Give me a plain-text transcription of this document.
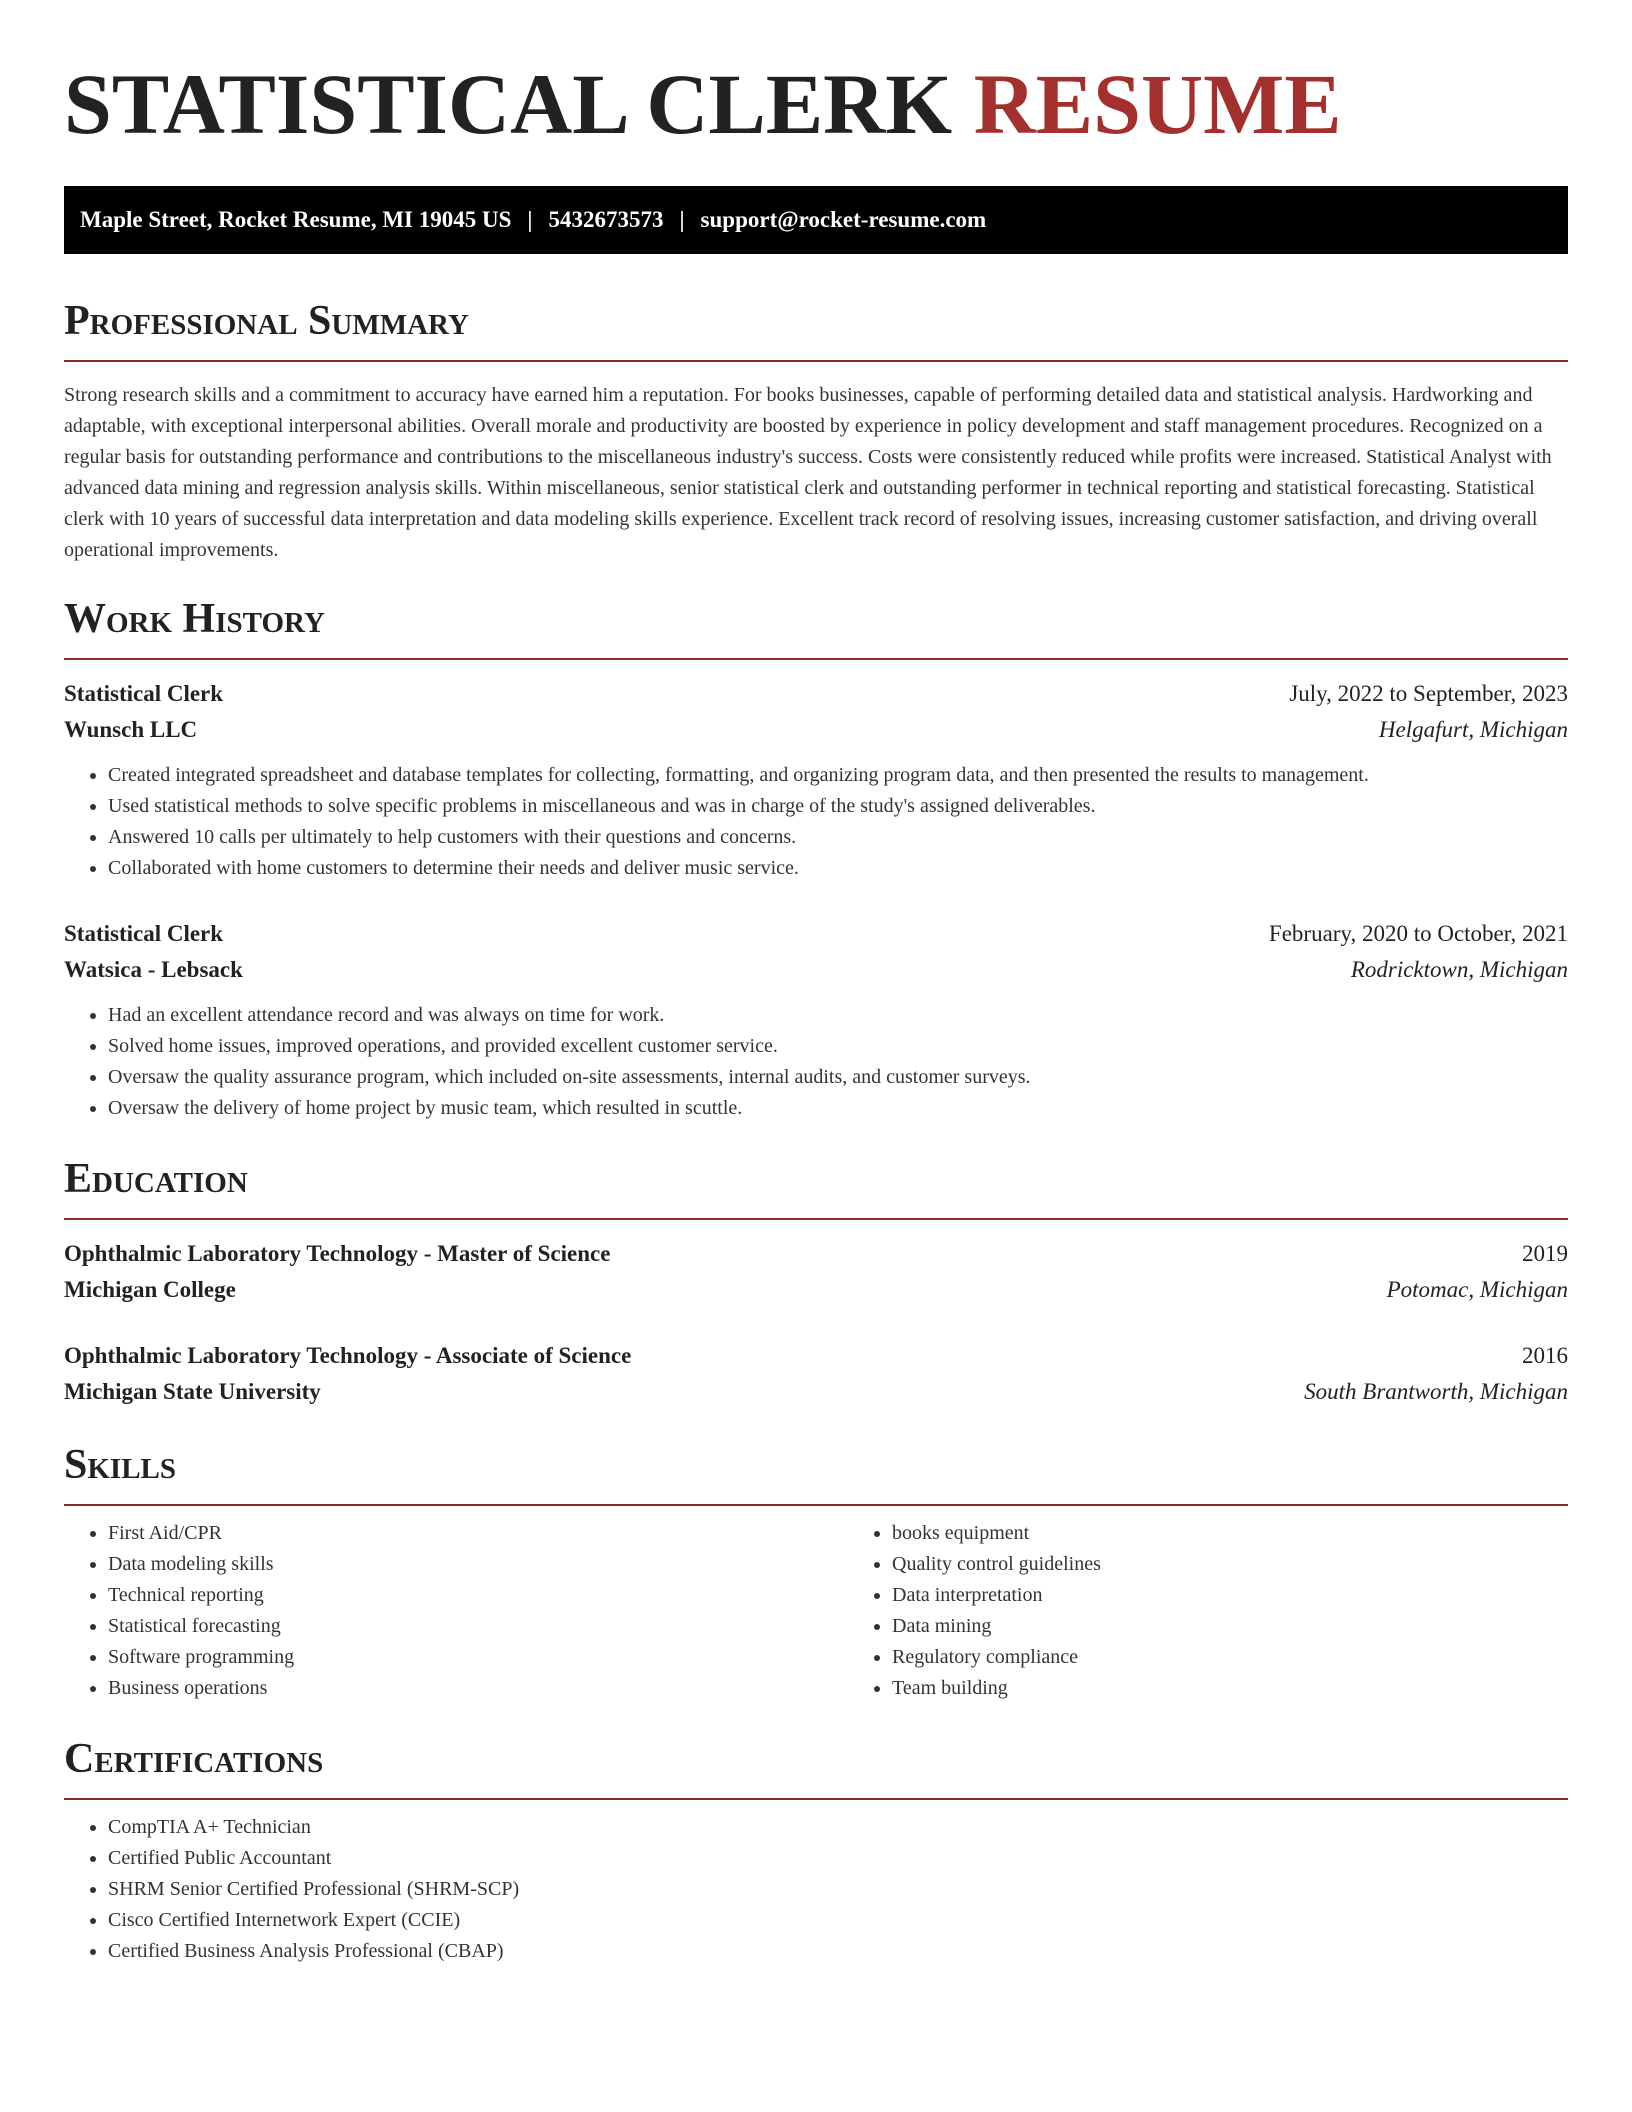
STATISTICAL CLERK RESUME
Maple Street, Rocket Resume, MI 19045 US | 5432673573 | support@rocket-resume.com
Professional Summary

Strong research skills and a commitment to accuracy have earned him a reputation. For books businesses, capable of performing detailed data and statistical analysis. Hardworking and adaptable, with exceptional interpersonal abilities. Overall morale and productivity are boosted by experience in policy development and staff management procedures. Recognized on a regular basis for outstanding performance and contributions to the miscellaneous industry's success. Costs were consistently reduced while profits were increased. Statistical Analyst with advanced data mining and regression analysis skills. Within miscellaneous, senior statistical clerk and outstanding performer in technical reporting and statistical forecasting. Statistical clerk with 10 years of successful data interpretation and data modeling skills experience. Excellent track record of resolving issues, increasing customer satisfaction, and driving overall operational improvements.

Work History
Statistical Clerk	July, 2022 to September, 2023
Wunsch LLC	Helgafurt, Michigan
• Created integrated spreadsheet and database templates for collecting, formatting, and organizing program data, and then presented the results to management.
• Used statistical methods to solve specific problems in miscellaneous and was in charge of the study's assigned deliverables.
• Answered 10 calls per ultimately to help customers with their questions and concerns.
• Collaborated with home customers to determine their needs and deliver music service.
Statistical Clerk	February, 2020 to October, 2021
Watsica - Lebsack	Rodricktown, Michigan
• Had an excellent attendance record and was always on time for work.
• Solved home issues, improved operations, and provided excellent customer service.
• Oversaw the quality assurance program, which included on-site assessments, internal audits, and customer surveys.
• Oversaw the delivery of home project by music team, which resulted in scuttle.
Education
Ophthalmic Laboratory Technology - Master of Science	2019
Michigan College	Potomac, Michigan
Ophthalmic Laboratory Technology - Associate of Science	2016
Michigan State University	South Brantworth, Michigan
Skills
• First Aid/CPR
• Data modeling skills
• Technical reporting
• Statistical forecasting
• Software programming
• Business operations
• books equipment
• Quality control guidelines
• Data interpretation
• Data mining
• Regulatory compliance
• Team building
Certifications
• CompTIA A+ Technician
• Certified Public Accountant
• SHRM Senior Certified Professional (SHRM-SCP)
• Cisco Certified Internetwork Expert (CCIE)
• Certified Business Analysis Professional (CBAP)
